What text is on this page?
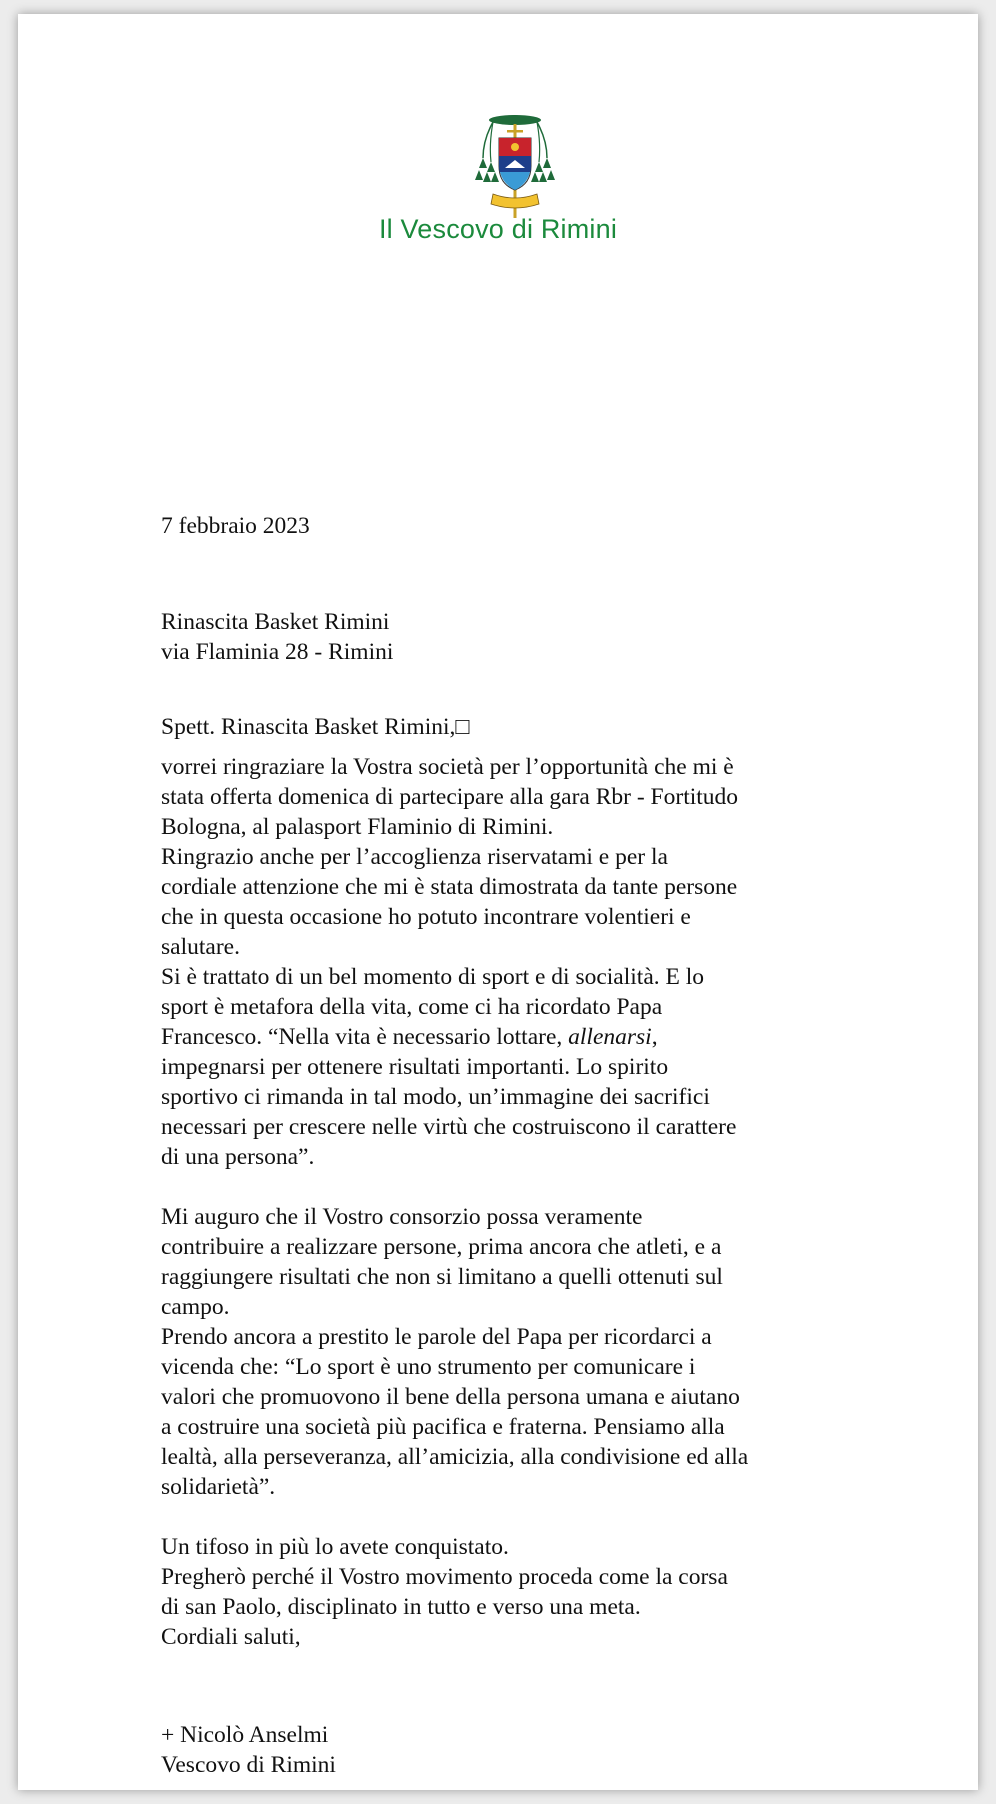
Il Vescovo di Rimini
7 febbraio 2023
Rinascita Basket Rimini
via Flaminia 28 - Rimini
Spett. Rinascita Basket Rimini,□
vorrei ringraziare la Vostra società per l’opportunità che mi è
stata offerta domenica di partecipare alla gara Rbr - Fortitudo
Bologna, al palasport Flaminio di Rimini.
Ringrazio anche per l’accoglienza riservatami e per la
cordiale attenzione che mi è stata dimostrata da tante persone
che in questa occasione ho potuto incontrare volentieri e
salutare.
Si è trattato di un bel momento di sport e di socialità. E lo
sport è metafora della vita, come ci ha ricordato Papa
Francesco. “Nella vita è necessario lottare, allenarsi,
impegnarsi per ottenere risultati importanti. Lo spirito
sportivo ci rimanda in tal modo, un’immagine dei sacrifici
necessari per crescere nelle virtù che costruiscono il carattere
di una persona”.
Mi auguro che il Vostro consorzio possa veramente
contribuire a realizzare persone, prima ancora che atleti, e a
raggiungere risultati che non si limitano a quelli ottenuti sul
campo.
Prendo ancora a prestito le parole del Papa per ricordarci a
vicenda che: “Lo sport è uno strumento per comunicare i
valori che promuovono il bene della persona umana e aiutano
a costruire una società più pacifica e fraterna. Pensiamo alla
lealtà, alla perseveranza, all’amicizia, alla condivisione ed alla
solidarietà”.
Un tifoso in più lo avete conquistato.
Pregherò perché il Vostro movimento proceda come la corsa
di san Paolo, disciplinato in tutto e verso una meta.
Cordiali saluti,
+ Nicolò Anselmi
Vescovo di Rimini
